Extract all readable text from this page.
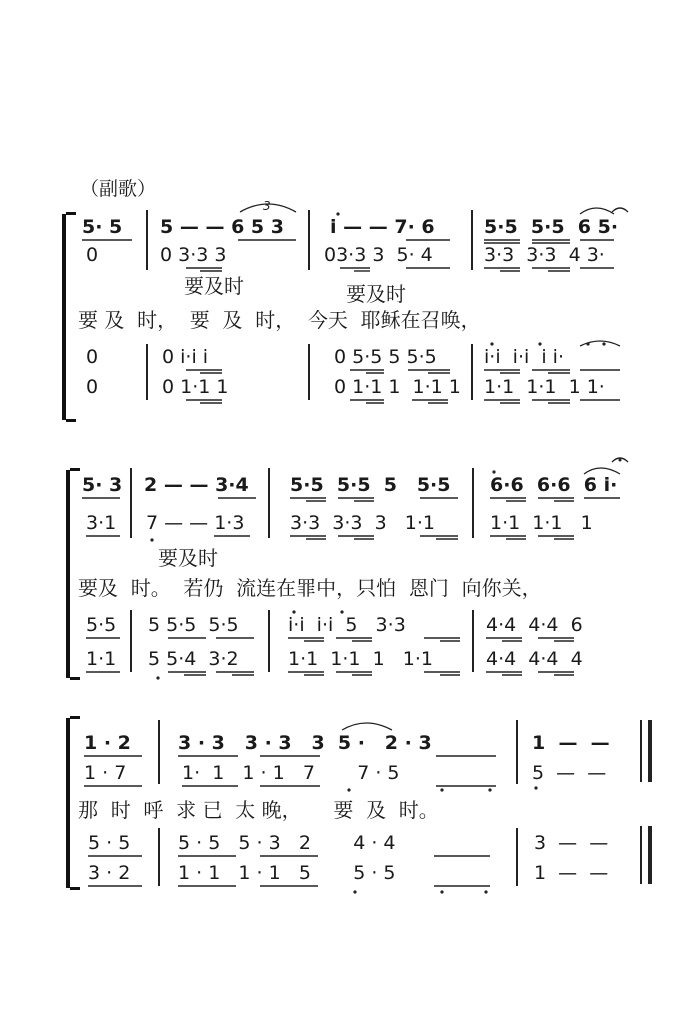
（副歌）
5· 5 5 — — 6 5 3 i — — 7· 6	5·5  5·5  6 5·
0	0 3·3 3	03·3 3  5· 4	3·3  3·3  4 3·
要及时	要及时
要 及  时，  要  及  时，  今天  耶稣在召唤，
0	0 i·i i	0 5·5 5 5·5 i·i  i·i  i i·
0	0 1·1 1	0 1·1 1  1·1 1 1·1  1·1  1 1·
5· 3 2 — — 3·4 5·5  5·5  5   5·5 6·6  6·6  6 i·
3·1 7 — — 1·3 3·3  3·3  3   1·1	1·1  1·1   1
要及时
要及  时。  若仍  流连在罪中，只怕  恩门  向你关，
5·5 5 5·5  5·5	i·i  i·i  5   3·3	4·4  4·4  6
1·1 5 5·4  3·2	1·1  1·1  1   1·1	4·4  4·4  4
1 · 2 3 · 3   3 · 3   3  5 ·   2 · 3	1  —  —
1 · 7	1·  1   1 · 1   7       7 · 5	5  —  —
那  时  呼  求 已  太 晚，     要  及  时。
5 · 5	5 · 5   5 · 3   2       4 · 4	3  —  —
3 · 2	1 · 1   1 · 1   5       5 · 5	1  —  —
3
